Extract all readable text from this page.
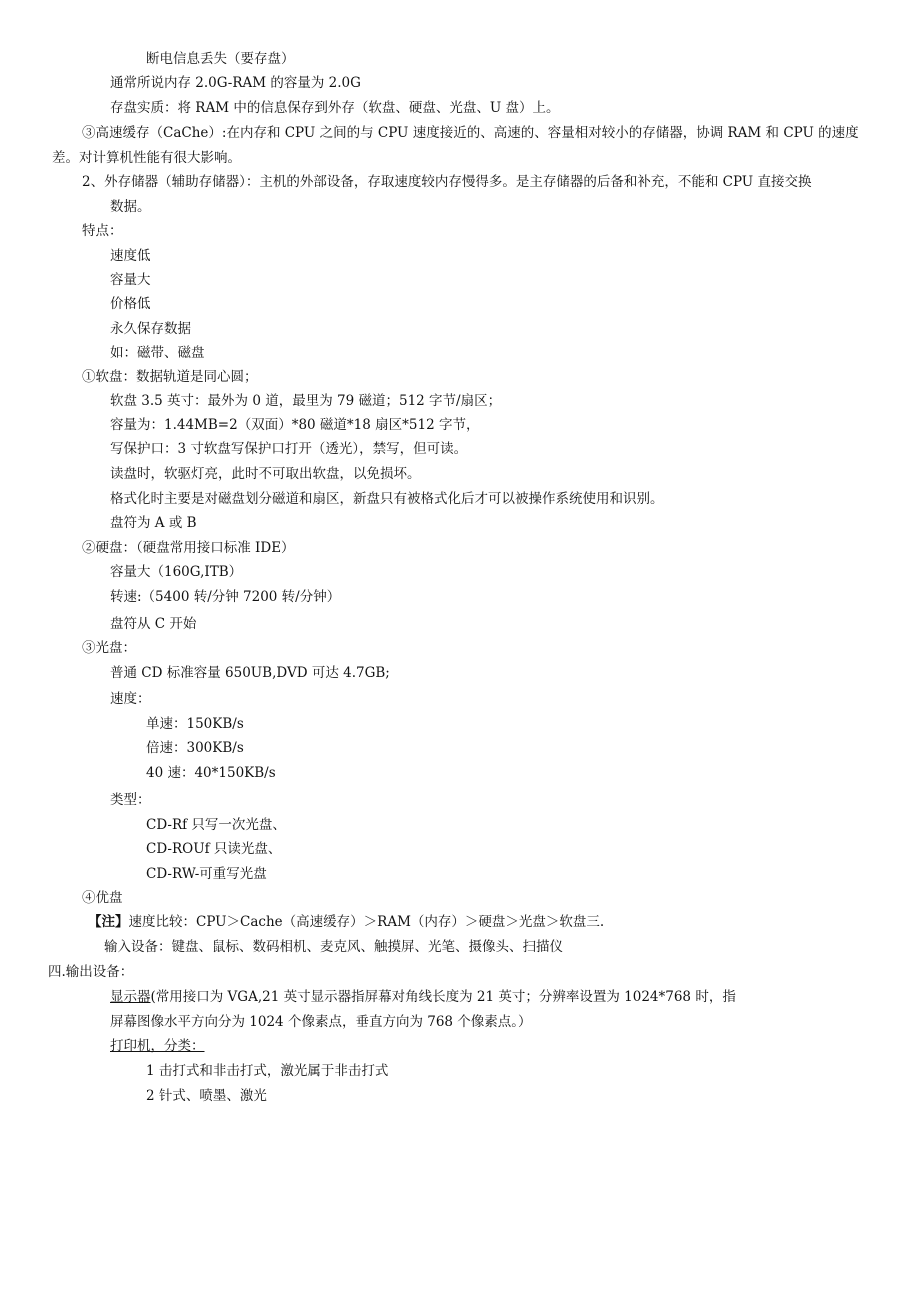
断电信息丢失（要存盘）
通常所说内存 2.0G-RAM 的容量为 2.0G
存盘实质：将 RAM 中的信息保存到外存（软盘、硬盘、光盘、U 盘）上。
③高速缓存（CaChe）:在内存和 CPU 之间的与 CPU 速度接近的、高速的、容量相对较小的存储器，协调 RAM 和 CPU 的速度
差。对计算机性能有很大影响。
2、外存储器（辅助存储器）：主机的外部设备，存取速度较内存慢得多。是主存储器的后备和补充，不能和 CPU 直接交换
数据。
特点：
速度低
容量大
价格低
永久保存数据
如：磁带、磁盘
①软盘：数据轨道是同心圆；
软盘 3.5 英寸：最外为 0 道，最里为 79 磁道；512 字节/扇区；
容量为：1.44MB=2（双面）*80 磁道*18 扇区*512 字节，
写保护口：3 寸软盘写保护口打开（透光），禁写，但可读。
读盘时，软驱灯亮，此时不可取出软盘，以免损坏。
格式化时主要是对磁盘划分磁道和扇区，新盘只有被格式化后才可以被操作系统使用和识别。
盘符为 A 或 B
②硬盘：（硬盘常用接口标准 IDE）
容量大（160G,ITB）
转速:（5400 转/分钟 7200 转/分钟）
盘符从 C 开始
③光盘：
普通 CD 标准容量 650UB,DVD 可达 4.7GB;
速度：
单速：150KB/s
倍速：300KB/s
40 速：40*150KB/s
类型：
CD-Rf 只写一次光盘、
CD-ROUf 只读光盘、
CD-RW-可重写光盘
④优盘
【注】速度比较：CPU＞Cache（高速缓存）＞RAM（内存）＞硬盘＞光盘＞软盘三.
输入设备：键盘、鼠标、数码相机、麦克风、触摸屏、光笔、摄像头、扫描仪
四.输出设备：
显示器(常用接口为 VGA,21 英寸显示器指屏幕对角线长度为 21 英寸；分辨率设置为 1024*768 时，指
屏幕图像水平方向分为 1024 个像素点，垂直方向为 768 个像素点。）
打印机，分类：
1 击打式和非击打式，激光属于非击打式
2 针式、喷墨、激光
